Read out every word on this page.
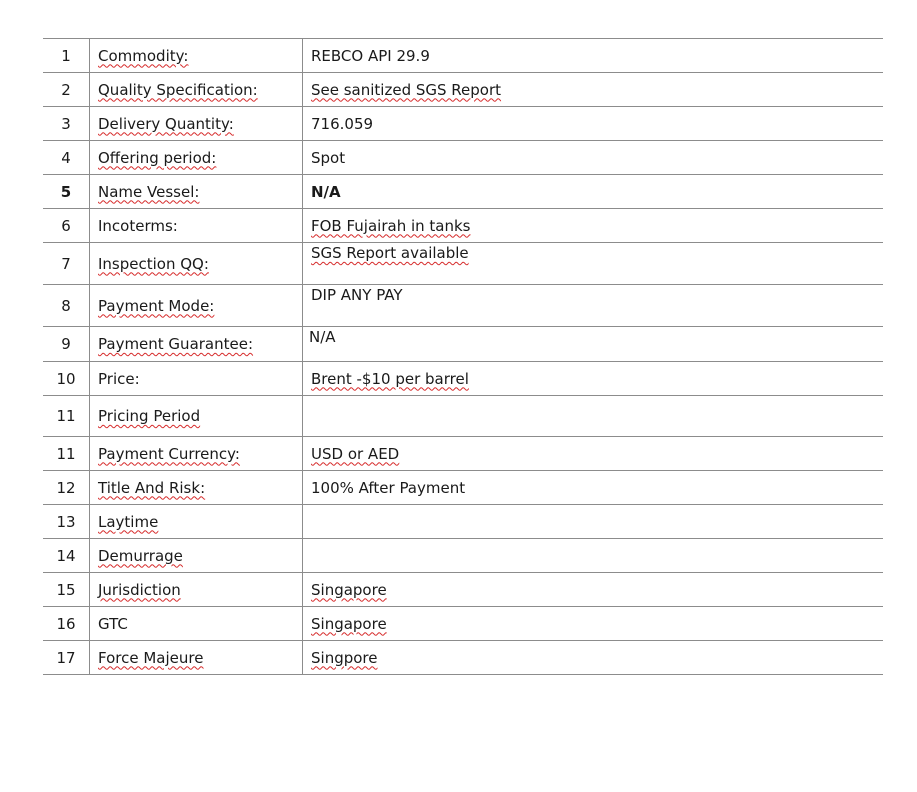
1	Commodity:	REBCO API 29.9
2	Quality Specification:	See sanitized SGS Report
3	Delivery Quantity:	716.059
4	Offering period:	Spot
5	Name Vessel:	N/A
6	Incoterms:	FOB Fujairah in tanks
7	Inspection QQ:	SGS Report available
8	Payment Mode:	DIP ANY PAY
9	Payment Guarantee:	N/A
10	Price:	Brent -$10 per barrel
11	Pricing Period	
11	Payment Currency:	USD or AED
12	Title And Risk:	100% After Payment
13	Laytime	
14	Demurrage	
15	Jurisdiction	Singapore
16	GTC	Singapore
17	Force Majeure	Singpore
